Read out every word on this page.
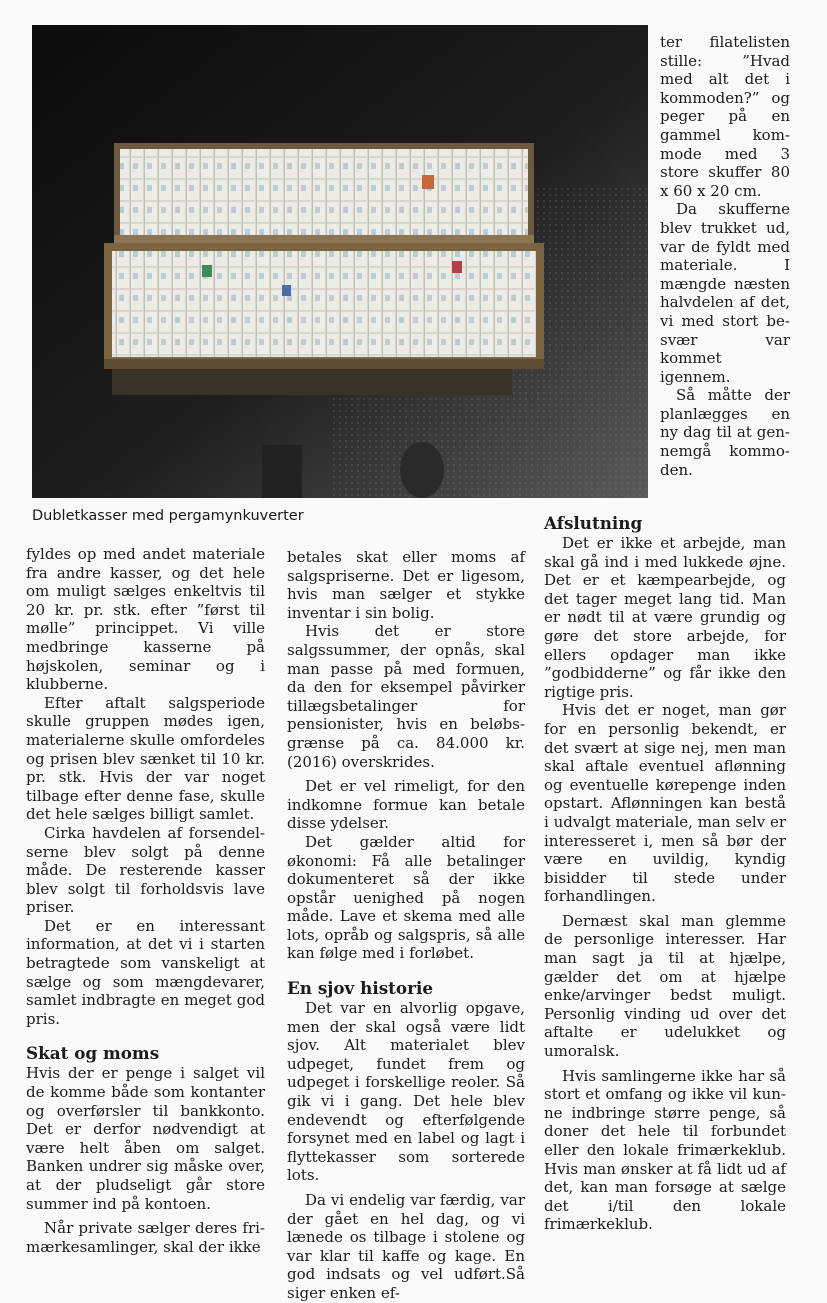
Dubletkasser med pergamynkuverter

ter filatelisten stille: ”Hvad med alt det i kommoden?” og peger på en gammel kommode med 3 store skuffer 80 x 60 x 20 cm.

Da skufferne blev trukket ud, var de fyldt med materiale. I mængde næsten halvdelen af det, vi med stort besvær var kommet igennem.

Så måtte der planlægges en ny dag til at gennemgå kommoden.

fyldes op med andet materiale fra andre kasser, og det hele om muligt sælges enkeltvis til 20 kr. pr. stk. efter ”først til mølle” princippet. Vi ville medbringe kasserne på højskolen, seminar og i klubberne.

Efter aftalt salgsperiode skulle gruppen mødes igen, materialerne skulle omfordeles og prisen blev sænket til 10 kr. pr. stk. Hvis der var noget tilbage efter denne fase, skulle det hele sælges billigt samlet.

Cirka havdelen af forsendelserne blev solgt på denne måde. De resterende kasser blev solgt til forholdsvis lave priser.

Det er en interessant information, at det vi i starten betragtede som vanskeligt at sælge og som mængdevarer, samlet indbragte en meget god pris.

Skat og moms

Hvis der er penge i salget vil de komme både som kontanter og overførsler til bankkonto. Det er derfor nødvendigt at være helt åben om salget. Banken undrer sig måske over, at der pludseligt går store summer ind på kontoen.

Når private sælger deres frimærkesamlinger, skal der ikke

betales skat eller moms af salgspriserne. Det er ligesom, hvis man sælger et stykke inventar i sin bolig.

Hvis det er store salgssummer, der opnås, skal man passe på med formuen, da den for eksempel påvirker tillægsbetalinger for pensionister, hvis en beløbsgrænse på ca. 84.000 kr. (2016) overskrides.

Det er vel rimeligt, for den indkomne formue kan betale disse ydelser.

Det gælder altid for økonomi: Få alle betalinger dokumenteret så der ikke opstår uenighed på nogen måde. Lave et skema med alle lots, opråb og salgspris, så alle kan følge med i forløbet.

En sjov historie

Det var en alvorlig opgave, men der skal også være lidt sjov. Alt materialet blev udpeget, fundet frem og udpeget i forskellige reoler. Så gik vi i gang. Det hele blev endevendt og efterfølgende forsynet med en label og lagt i flyttekasser som sorterede lots.

Da vi endelig var færdig, var der gået en hel dag, og vi lænede os tilbage i stolene og var klar til kaffe og kage. En god indsats og vel udført.Så siger enken ef-

Afslutning

Det er ikke et arbejde, man skal gå ind i med lukkede øjne. Det er et kæmpearbejde, og det tager meget lang tid. Man er nødt til at være grundig og gøre det store arbejde, for ellers opdager man ikke ”godbidderne” og får ikke den rigtige pris.

Hvis det er noget, man gør for en personlig bekendt, er det svært at sige nej, men man skal aftale eventuel aflønning og eventuelle kørepenge inden opstart. Aflønningen kan bestå i udvalgt materiale, man selv er interesseret i, men så bør der være en uvildig, kyndig bisidder til stede under forhandlingen.

Dernæst skal man glemme de personlige interesser. Har man sagt ja til at hjælpe, gælder det om at hjælpe enke/arvinger bedst muligt. Personlig vinding ud over det aftalte er udelukket og umoralsk.

Hvis samlingerne ikke har så stort et omfang og ikke vil kunne indbringe større penge, så doner det hele til forbundet eller den lokale frimærkeklub. Hvis man ønsker at få lidt ud af det, kan man forsøge at sælge det i/til den lokale frimærkeklub.
